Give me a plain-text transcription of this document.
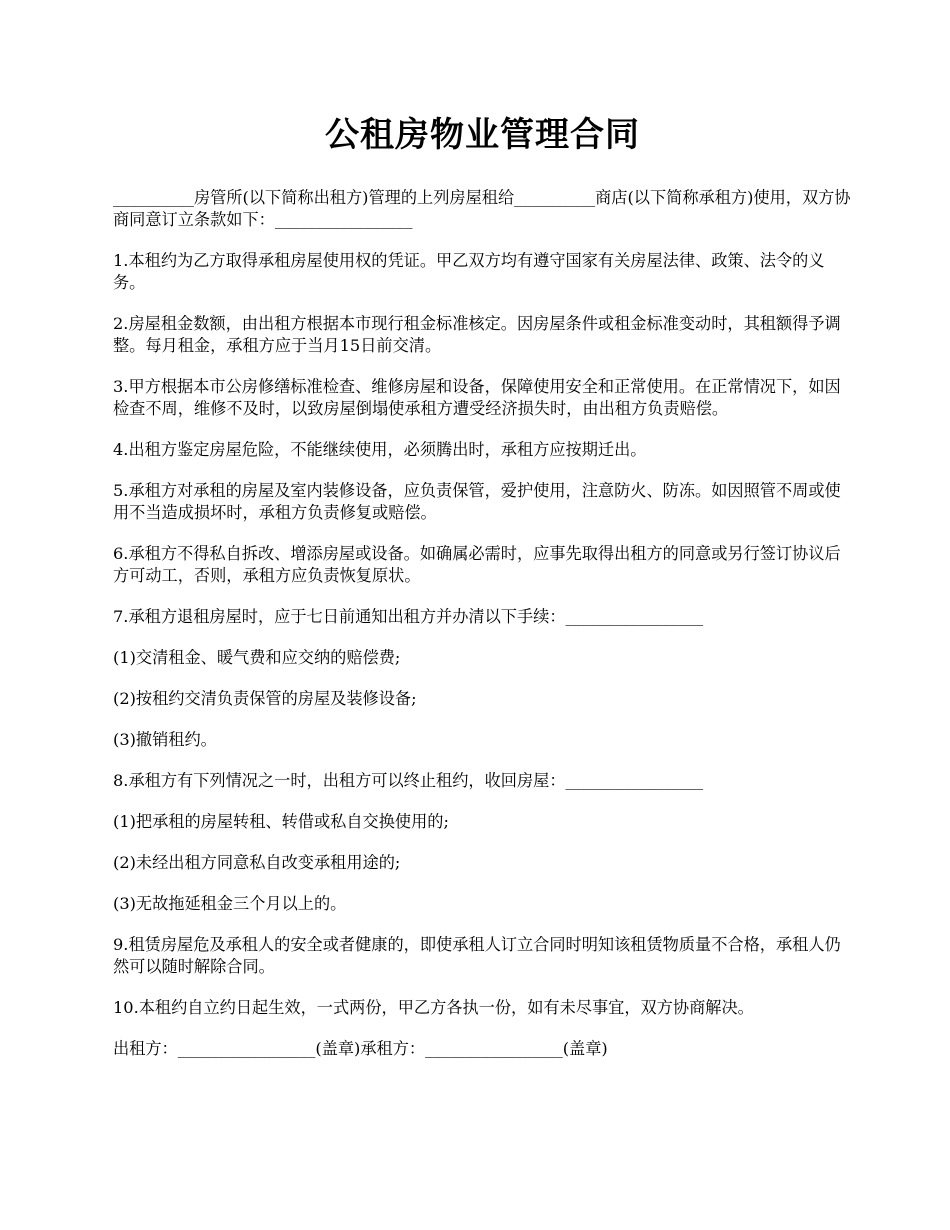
公租房物业管理合同

__________房管所(以下简称出租方)管理的上列房屋租给__________商店(以下简称承租方)使用，双方协商同意订立条款如下：_________________

1.本租约为乙方取得承租房屋使用权的凭证。甲乙双方均有遵守国家有关房屋法律、政策、法令的义务。

2.房屋租金数额，由出租方根据本市现行租金标准核定。因房屋条件或租金标准变动时，其租额得予调整。每月租金，承租方应于当月15日前交清。

3.甲方根据本市公房修缮标准检查、维修房屋和设备，保障使用安全和正常使用。在正常情况下，如因检查不周，维修不及时，以致房屋倒塌使承租方遭受经济损失时，由出租方负责赔偿。

4.出租方鉴定房屋危险，不能继续使用，必须腾出时，承租方应按期迁出。

5.承租方对承租的房屋及室内装修设备，应负责保管，爱护使用，注意防火、防冻。如因照管不周或使用不当造成损坏时，承租方负责修复或赔偿。

6.承租方不得私自拆改、增添房屋或设备。如确属必需时，应事先取得出租方的同意或另行签订协议后方可动工，否则，承租方应负责恢复原状。

7.承租方退租房屋时，应于七日前通知出租方并办清以下手续：_________________

(1)交清租金、暖气费和应交纳的赔偿费;

(2)按租约交清负责保管的房屋及装修设备;

(3)撤销租约。

8.承租方有下列情况之一时，出租方可以终止租约，收回房屋：_________________

(1)把承租的房屋转租、转借或私自交换使用的;

(2)未经出租方同意私自改变承租用途的;

(3)无故拖延租金三个月以上的。

9.租赁房屋危及承租人的安全或者健康的，即使承租人订立合同时明知该租赁物质量不合格，承租人仍然可以随时解除合同。

10.本租约自立约日起生效，一式两份，甲乙方各执一份，如有未尽事宜，双方协商解决。

出租方：_________________(盖章)承租方：_________________(盖章)
